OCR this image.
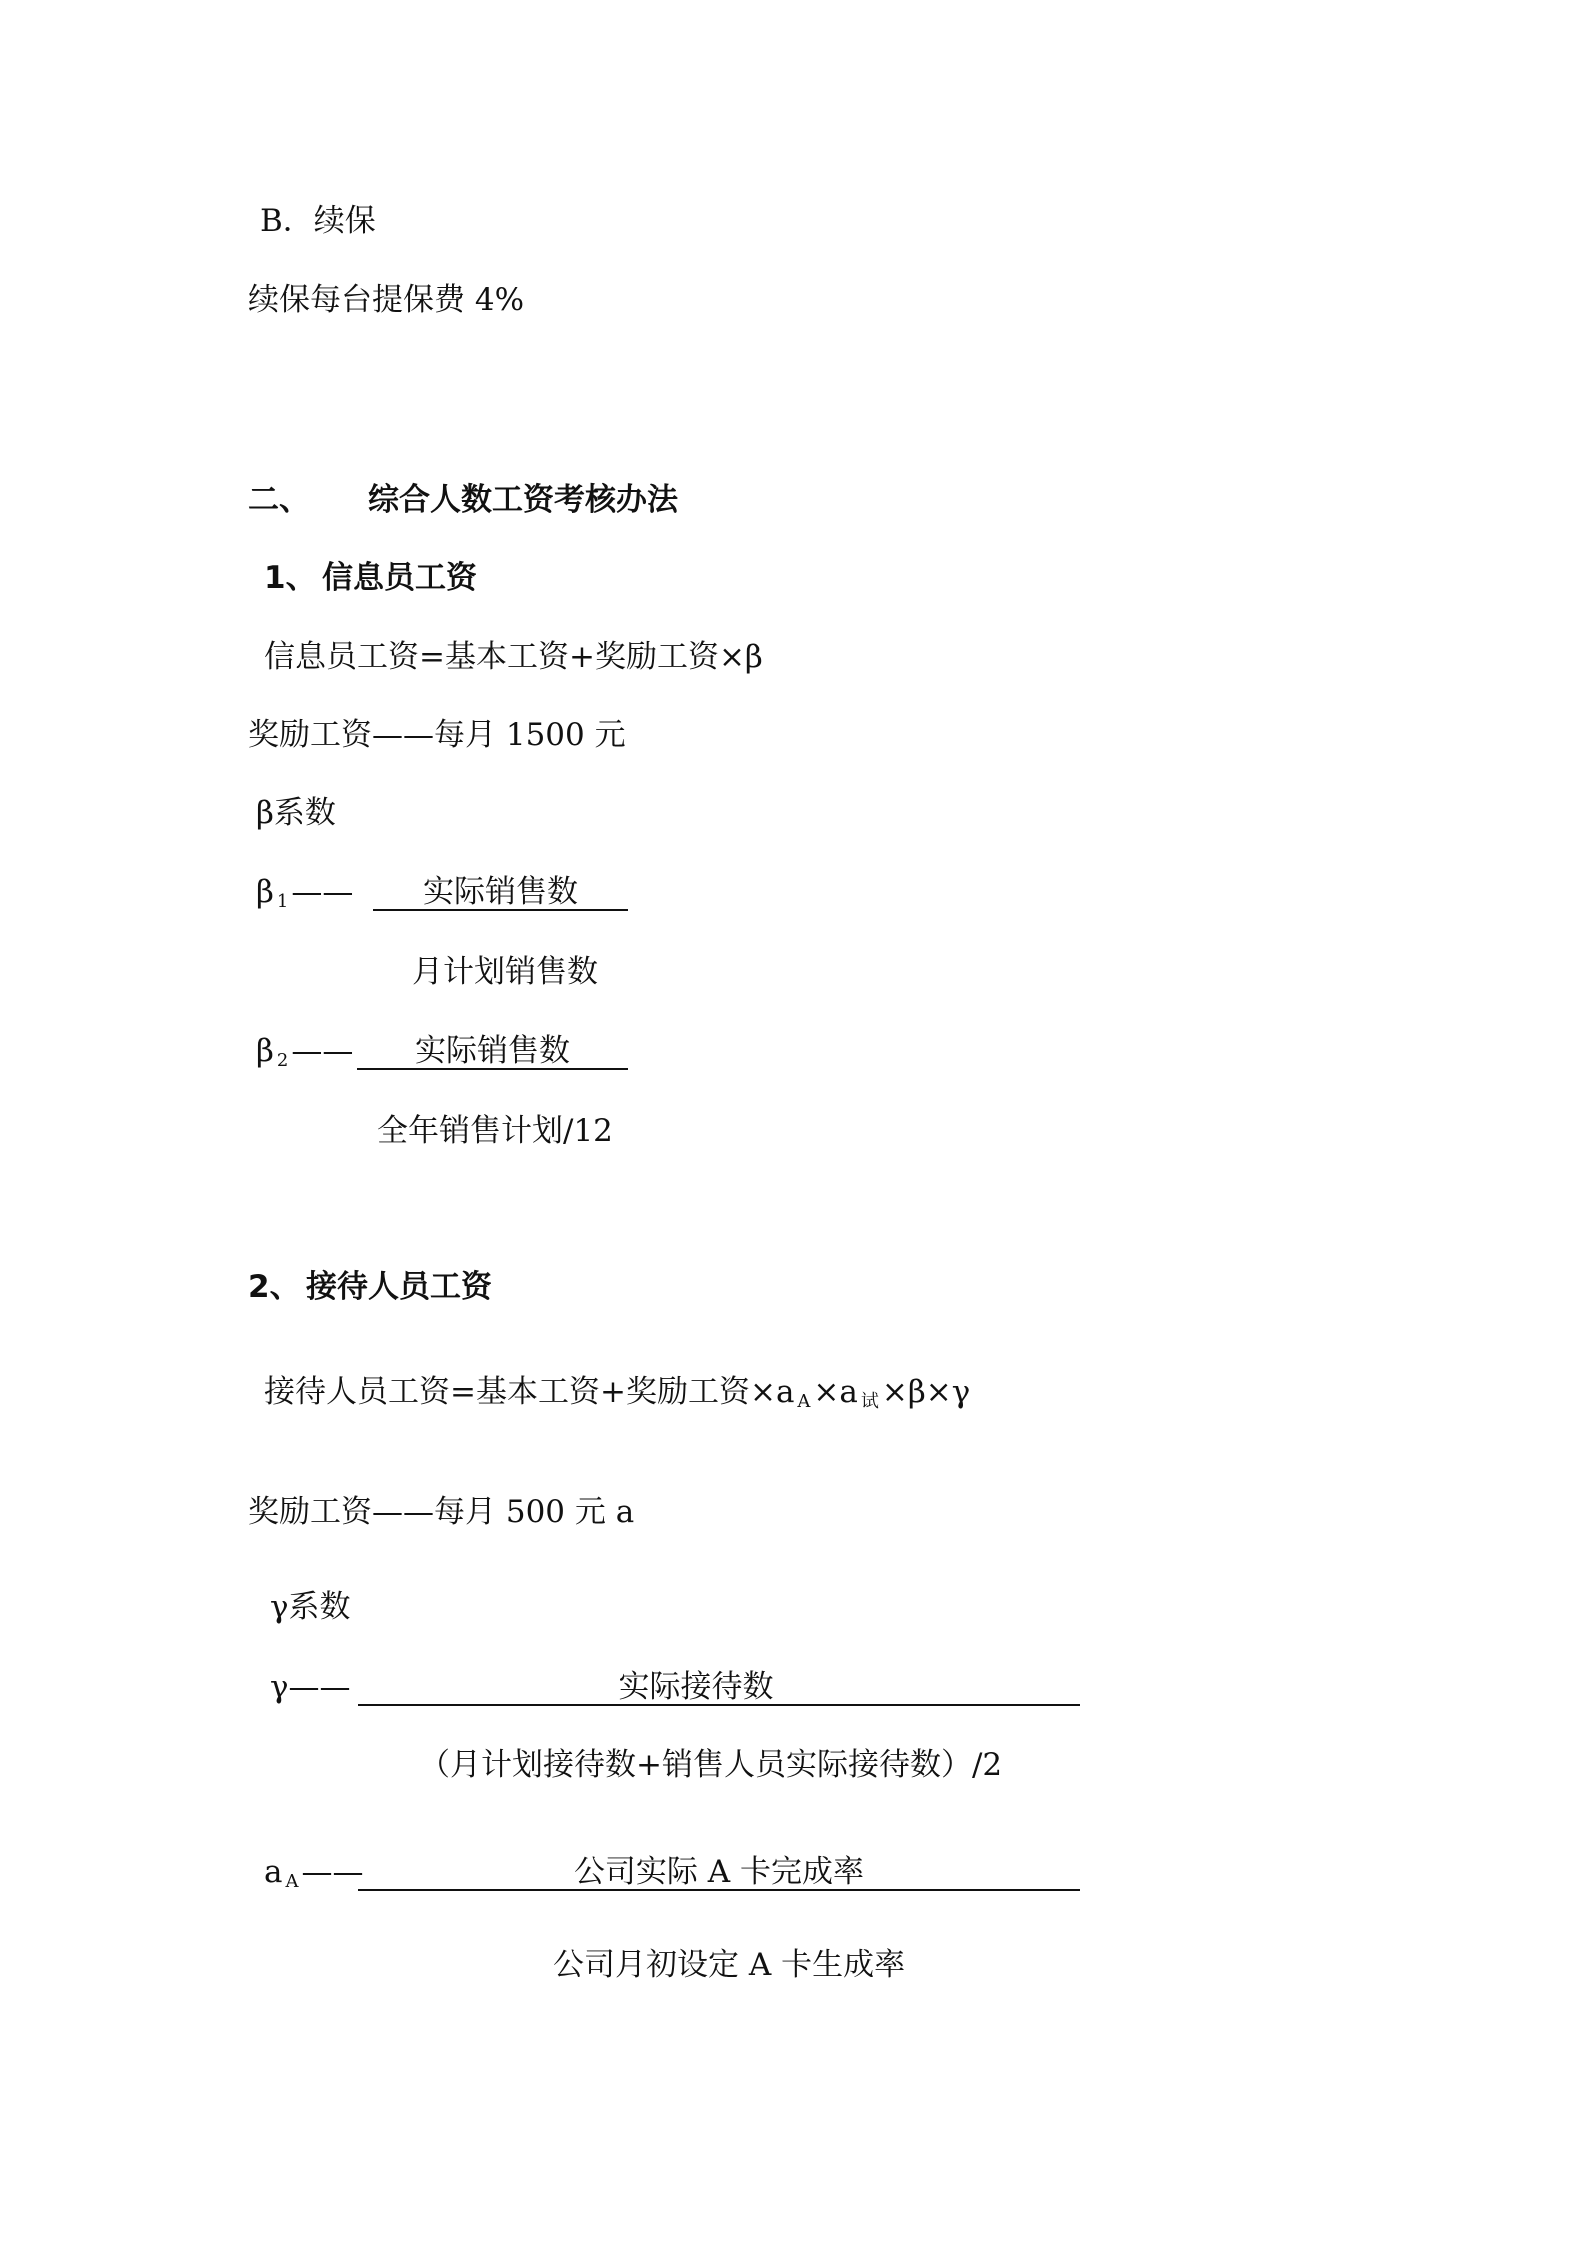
B．续保
续保每台提保费 4%
二、 综合人数工资考核办法
1、 信息员工资
信息员工资=基本工资+奖励工资×β
奖励工资——每月 1500 元
β系数
β 1——	实际销售数
月计划销售数
β 2——	实际销售数
全年销售计划/12
2、 接待人员工资
接待人员工资=基本工资+奖励工资×a A×a 试×β×γ
奖励工资——每月 500 元 a
γ系数
γ——	实际接待数
（月计划接待数+销售人员实际接待数）/2
a A——	公司实际 A 卡完成率
公司月初设定 A 卡生成率
